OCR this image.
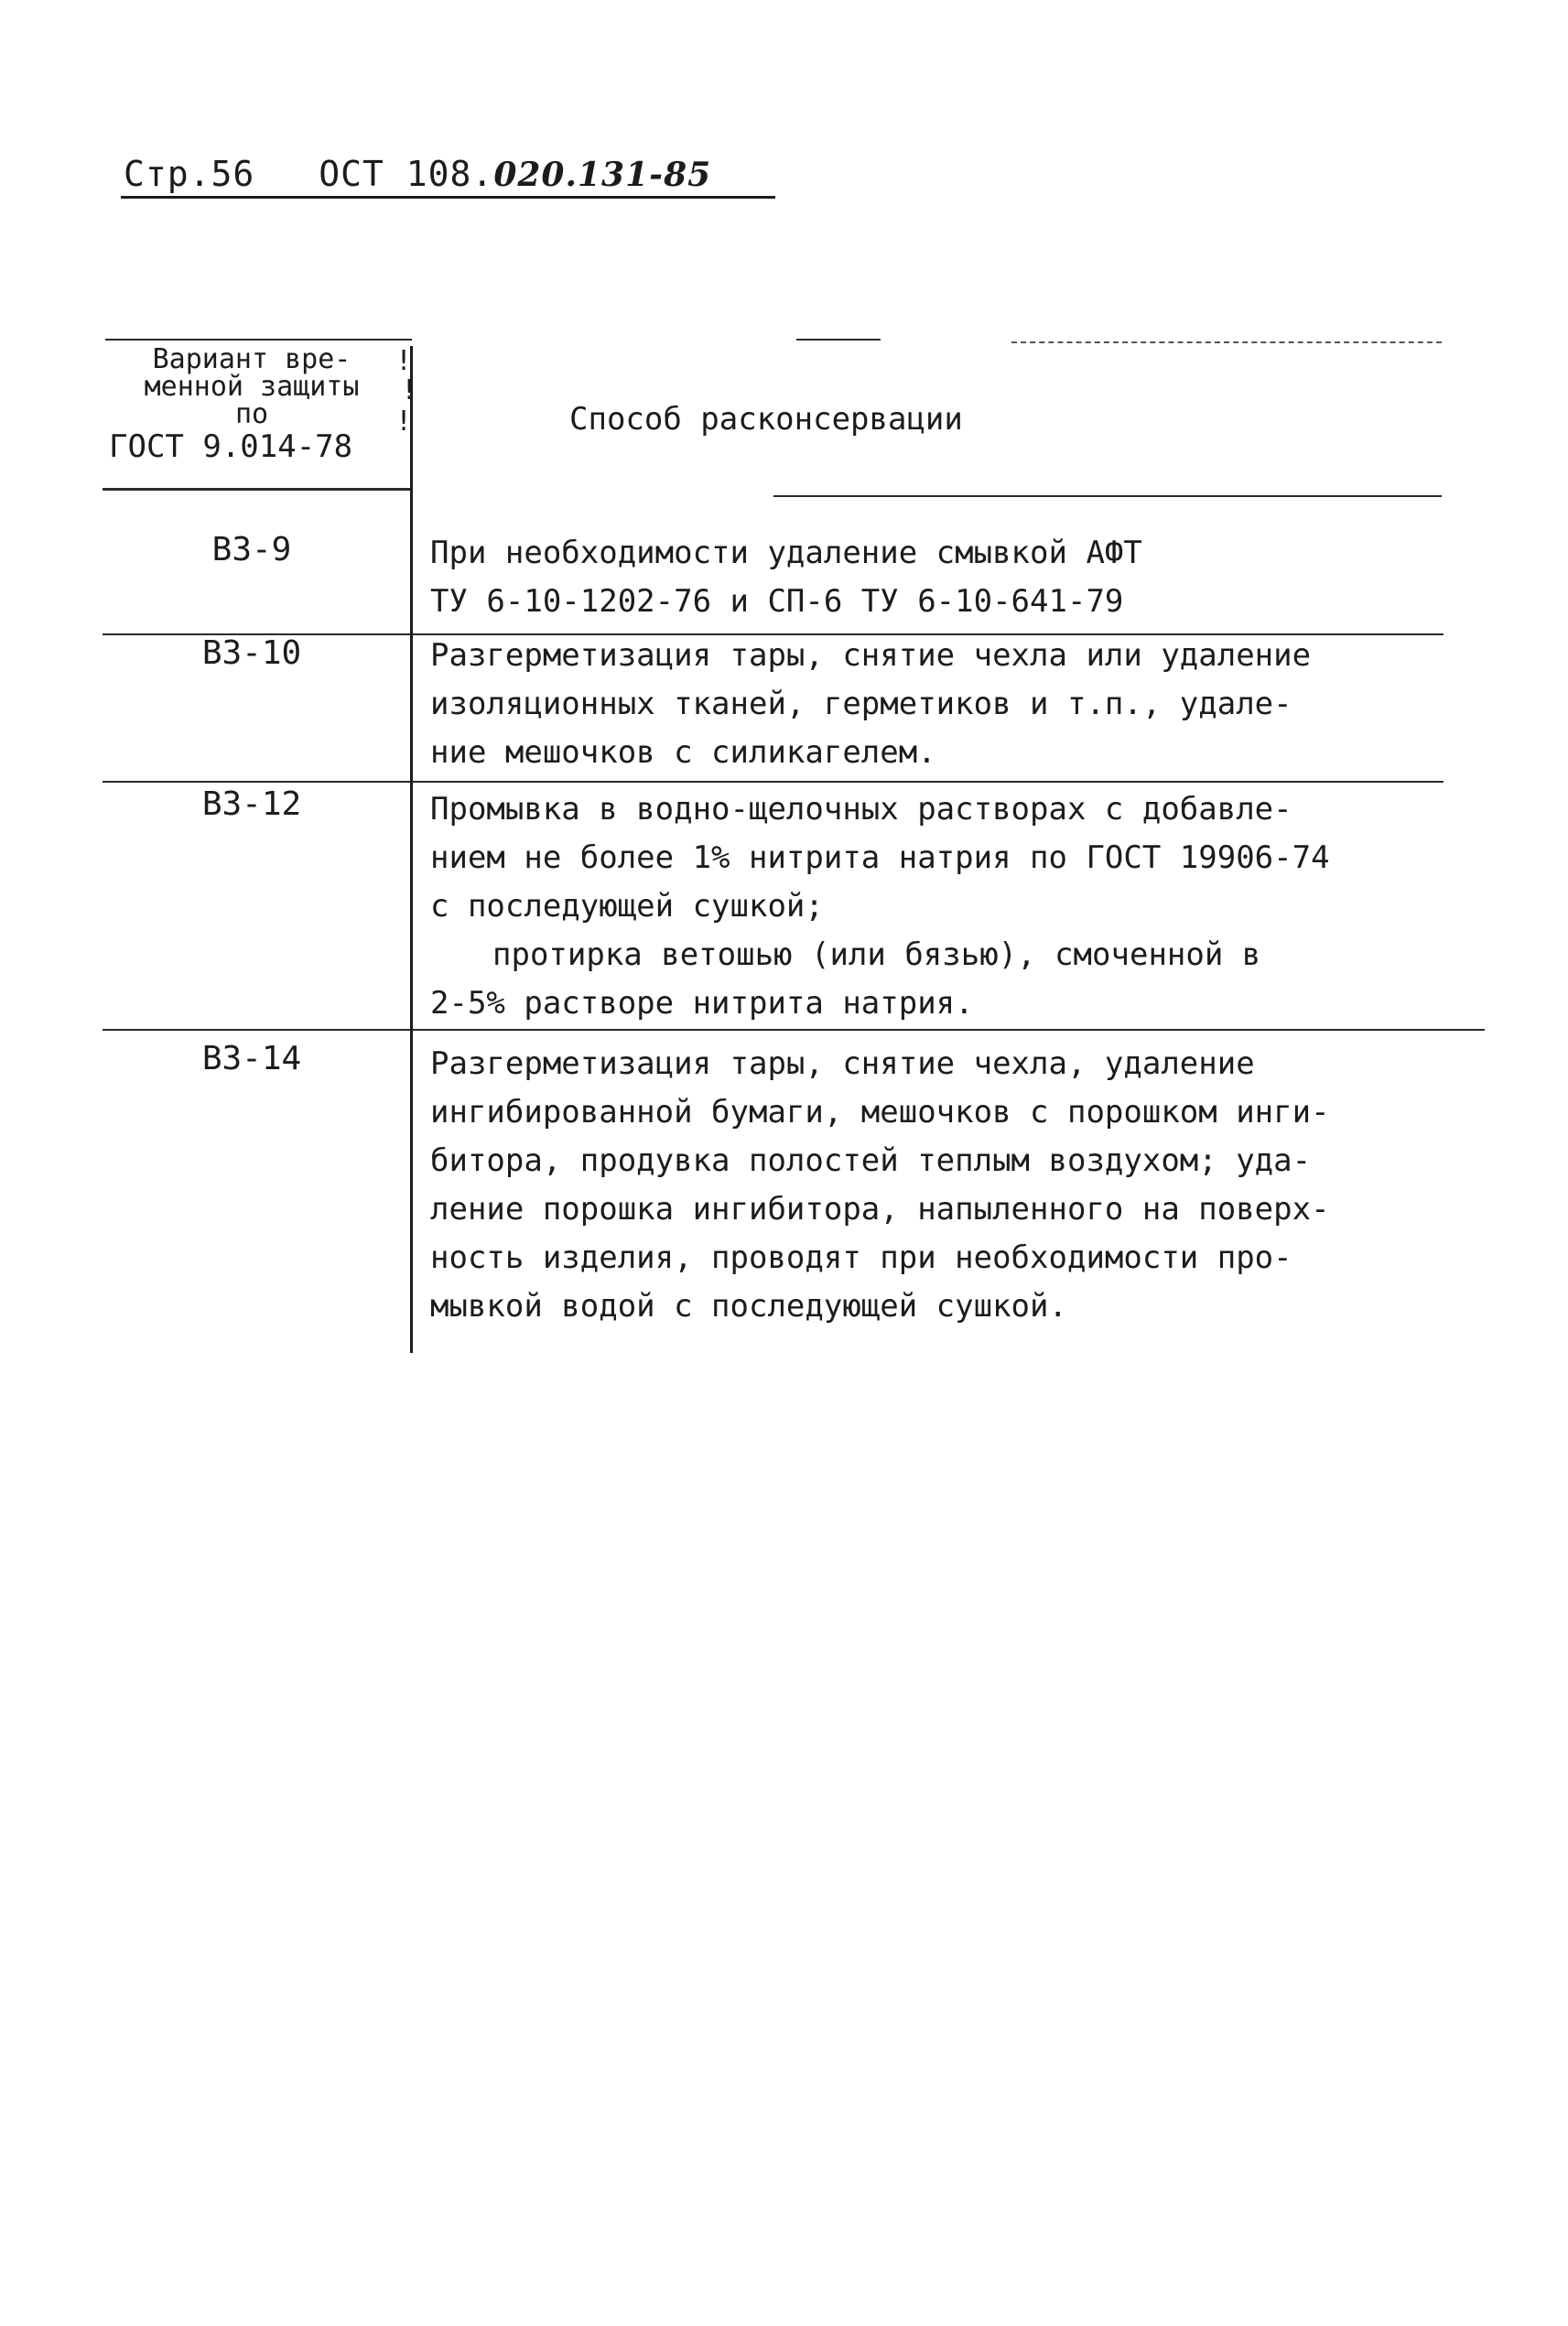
Стр.56 ОСТ 108. 020.131-85
Вариант вре-
менной защиты
по
ГОСТ 9.014-78
!
!
!	Способ расконсервации
ВЗ-9	При необходимости удаление смывкой АФТ
ТУ 6-10-1202-76 и СП-6 ТУ 6-10-641-79
ВЗ-10	Разгерметизация тары, снятие чехла или удаление
изоляционных тканей, герметиков и т.п., удале-
ние мешочков с силикагелем.
ВЗ-12	Промывка в водно-щелочных растворах с добавле-
нием не более 1% нитрита натрия по ГОСТ 19906-74
с последующей сушкой;
протирка ветошью (или бязью), смоченной в
2-5% растворе нитрита натрия.
ВЗ-14	Разгерметизация тары, снятие чехла, удаление
ингибированной бумаги, мешочков с порошком инги-
битора, продувка полостей теплым воздухом; уда-
ление порошка ингибитора, напыленного на поверх-
ность изделия, проводят при необходимости про-
мывкой водой с последующей сушкой.
